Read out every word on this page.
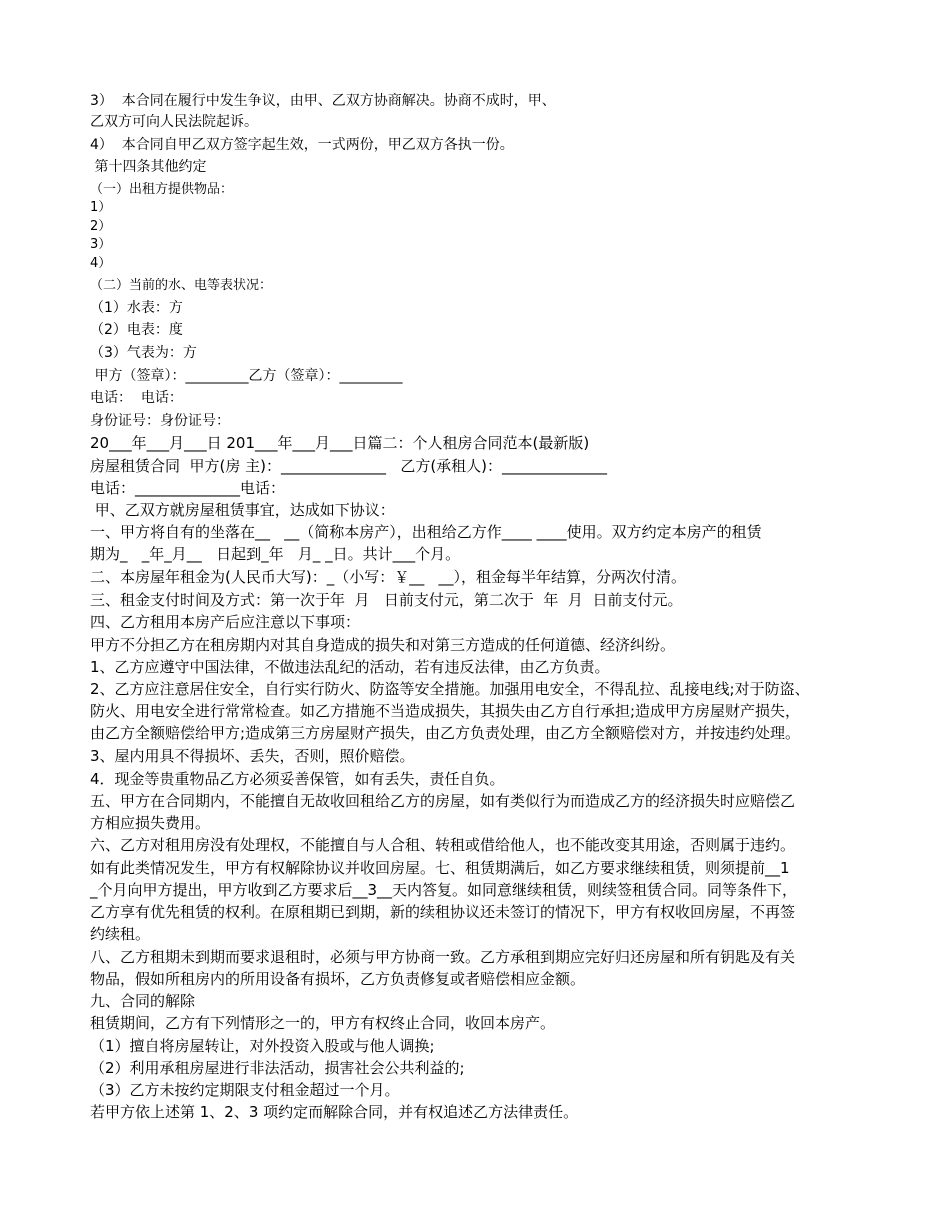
3）  本合同在履行中发生争议，由甲、乙双方协商解决。协商不成时，甲、

乙双方可向人民法院起诉。

4）  本合同自甲乙双方签字起生效，一式两份，甲乙双方各执一份。

第十四条其他约定

（一）出租方提供物品：

1）

2）

3）

4）

（二）当前的水、电等表状况：

（1）水表：方

（2）电表：度

（3）气表为：方

甲方（签章）：_________乙方（签章）：_________

电话：  电话：

身份证号：身份证号：

20___年___月___日 201___年___月___日篇二：个人租房合同范本(最新版)

房屋租赁合同  甲方(房 主)：______________   乙方(承租人)：______________

电话：______________电话：

甲、乙双方就房屋租赁事宜，达成如下协议：

一、甲方将自有的坐落在__   __（简称本房产），出租给乙方作____ ____使用。双方约定本房产的租赁

期为_   _年_月__   日起到_年   月_ _日。共计___个月。

二、本房屋年租金为(人民币大写)：_（小写：￥__   __），租金每半年结算，分两次付清。

三、租金支付时间及方式：第一次于年  月   日前支付元，第二次于  年  月  日前支付元。

四、乙方租用本房产后应注意以下事项：

甲方不分担乙方在租房期内对其自身造成的损失和对第三方造成的任何道德、经济纠纷。

1、乙方应遵守中国法律，不做违法乱纪的活动，若有违反法律，由乙方负责。

2、乙方应注意居住安全，自行实行防火、防盗等安全措施。加强用电安全，不得乱拉、乱接电线;对于防盗、

防火、用电安全进行常常检查。如乙方措施不当造成损失，其损失由乙方自行承担;造成甲方房屋财产损失，

由乙方全额赔偿给甲方;造成第三方房屋财产损失，由乙方负责处理，由乙方全额赔偿对方，并按违约处理。

3、屋内用具不得损坏、丢失，否则，照价赔偿。

4．现金等贵重物品乙方必须妥善保管，如有丢失，责任自负。

五、甲方在合同期内，不能擅自无故收回租给乙方的房屋，如有类似行为而造成乙方的经济损失时应赔偿乙

方相应损失费用。

六、乙方对租用房没有处理权，不能擅自与人合租、转租或借给他人，也不能改变其用途，否则属于违约。

如有此类情况发生，甲方有权解除协议并收回房屋。七、租赁期满后，如乙方要求继续租赁，则须提前__1

_个月向甲方提出，甲方收到乙方要求后__3__天内答复。如同意继续租赁，则续签租赁合同。同等条件下，

乙方享有优先租赁的权利。在原租期已到期，新的续租协议还未签订的情况下，甲方有权收回房屋，不再签

约续租。

八、乙方租期未到期而要求退租时，必须与甲方协商一致。乙方承租到期应完好归还房屋和所有钥匙及有关

物品，假如所租房内的所用设备有损坏，乙方负责修复或者赔偿相应金额。

九、合同的解除

租赁期间，乙方有下列情形之一的，甲方有权终止合同，收回本房产。

（1）擅自将房屋转让，对外投资入股或与他人调换;

（2）利用承租房屋进行非法活动，损害社会公共利益的;

（3）乙方未按约定期限支付租金超过一个月。

若甲方依上述第 1、2、3 项约定而解除合同，并有权追述乙方法律责任。
